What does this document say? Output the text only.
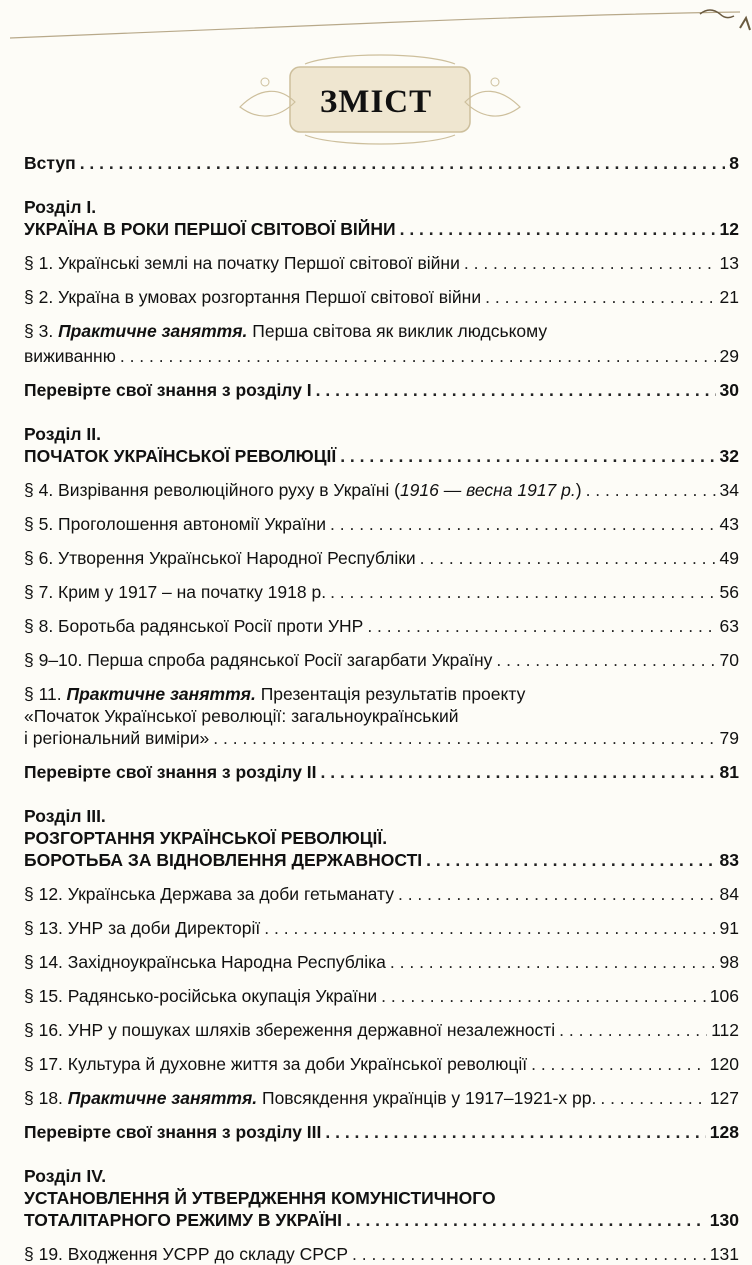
ЗМІСТ
Вступ . . .	8
Розділ І.
УКРАЇНА В РОКИ ПЕРШОЇ СВІТОВОЇ ВІЙНИ . . .	12
§ 1. Українські землі на початку Першої світової війни . . .	13
§ 2. Україна в умовах розгортання Першої світової війни . . .	21
§ 3. Практичне заняття. Перша світова як виклик людському
виживанню . . .	29
Перевірте свої знання з розділу І . . .	30
Розділ ІІ.
ПОЧАТОК УКРАЇНСЬКОЇ РЕВОЛЮЦІЇ . . .	32
§ 4. Визрівання революційного руху в Україні (1916 — весна 1917 р.) . . .	34
§ 5. Проголошення автономії України . . .	43
§ 6. Утворення Української Народної Республіки . . .	49
§ 7. Крим у 1917 – на початку 1918 р. . . .	56
§ 8. Боротьба радянської Росії проти УНР . . .	63
§ 9–10. Перша спроба радянської Росії загарбати Україну . . .	70
§ 11. Практичне заняття. Презентація результатів проекту
«Початок Української революції: загальноукраїнський
і регіональний виміри» . . .	79
Перевірте свої знання з розділу ІІ . . .	81
Розділ ІІІ.
РОЗГОРТАННЯ УКРАЇНСЬКОЇ РЕВОЛЮЦІЇ.
БОРОТЬБА ЗА ВІДНОВЛЕННЯ ДЕРЖАВНОСТІ . . .	83
§ 12. Українська Держава за доби гетьманату . . .	84
§ 13. УНР за доби Директорії . . .	91
§ 14. Західноукраїнська Народна Республіка . . .	98
§ 15. Радянсько-російська окупація України . . .	106
§ 16. УНР у пошуках шляхів збереження державної незалежності . . .	112
§ 17. Культура й духовне життя за доби Української революції . . .	120
§ 18. Практичне заняття. Повсякдення українців у 1917–1921-х рр. . . .	127
Перевірте свої знання з розділу ІІІ . . .	128
Розділ IV.
УСТАНОВЛЕННЯ Й УТВЕРДЖЕННЯ КОМУНІСТИЧНОГО
ТОТАЛІТАРНОГО РЕЖИМУ В УКРАЇНІ . . .	130
§ 19. Входження УСРР до складу СРСР . . .	131
